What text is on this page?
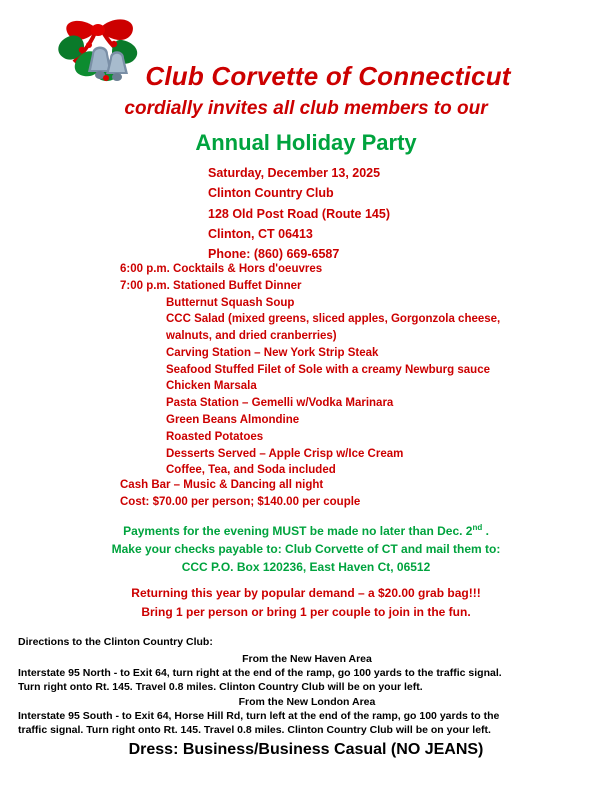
Club Corvette of Connecticut
cordially invites all club members to our
Annual Holiday Party
Saturday, December 13, 2025
Clinton Country Club
128 Old Post Road (Route 145)
Clinton, CT 06413
Phone: (860) 669-6587
6:00 p.m. Cocktails & Hors d'oeuvres
7:00 p.m. Stationed Buffet Dinner
Butternut Squash Soup
CCC Salad (mixed greens, sliced apples, Gorgonzola cheese,
walnuts, and dried cranberries)
Carving Station – New York Strip Steak
Seafood Stuffed Filet of Sole with a creamy Newburg sauce
Chicken Marsala
Pasta Station – Gemelli w/Vodka Marinara
Green Beans Almondine
Roasted Potatoes
Desserts Served – Apple Crisp w/Ice Cream
Coffee, Tea, and Soda included
Cash Bar – Music & Dancing all night
Cost: $70.00 per person; $140.00 per couple
Payments for the evening MUST be made no later than Dec. 2nd .
Make your checks payable to: Club Corvette of CT and mail them to:
CCC P.O. Box 120236, East Haven Ct, 06512
Returning this year by popular demand – a $20.00 grab bag!!!
Bring 1 per person or bring 1 per couple to join in the fun.
Directions to the Clinton Country Club:
From the New Haven Area
Interstate 95 North - to Exit 64, turn right at the end of the ramp, go 100 yards to the traffic signal.
Turn right onto Rt. 145. Travel 0.8 miles. Clinton Country Club will be on your left.
From the New London Area
Interstate 95 South - to Exit 64, Horse Hill Rd, turn left at the end of the ramp, go 100 yards to the
traffic signal. Turn right onto Rt. 145. Travel 0.8 miles. Clinton Country Club will be on your left.
Dress: Business/Business Casual (NO JEANS)
